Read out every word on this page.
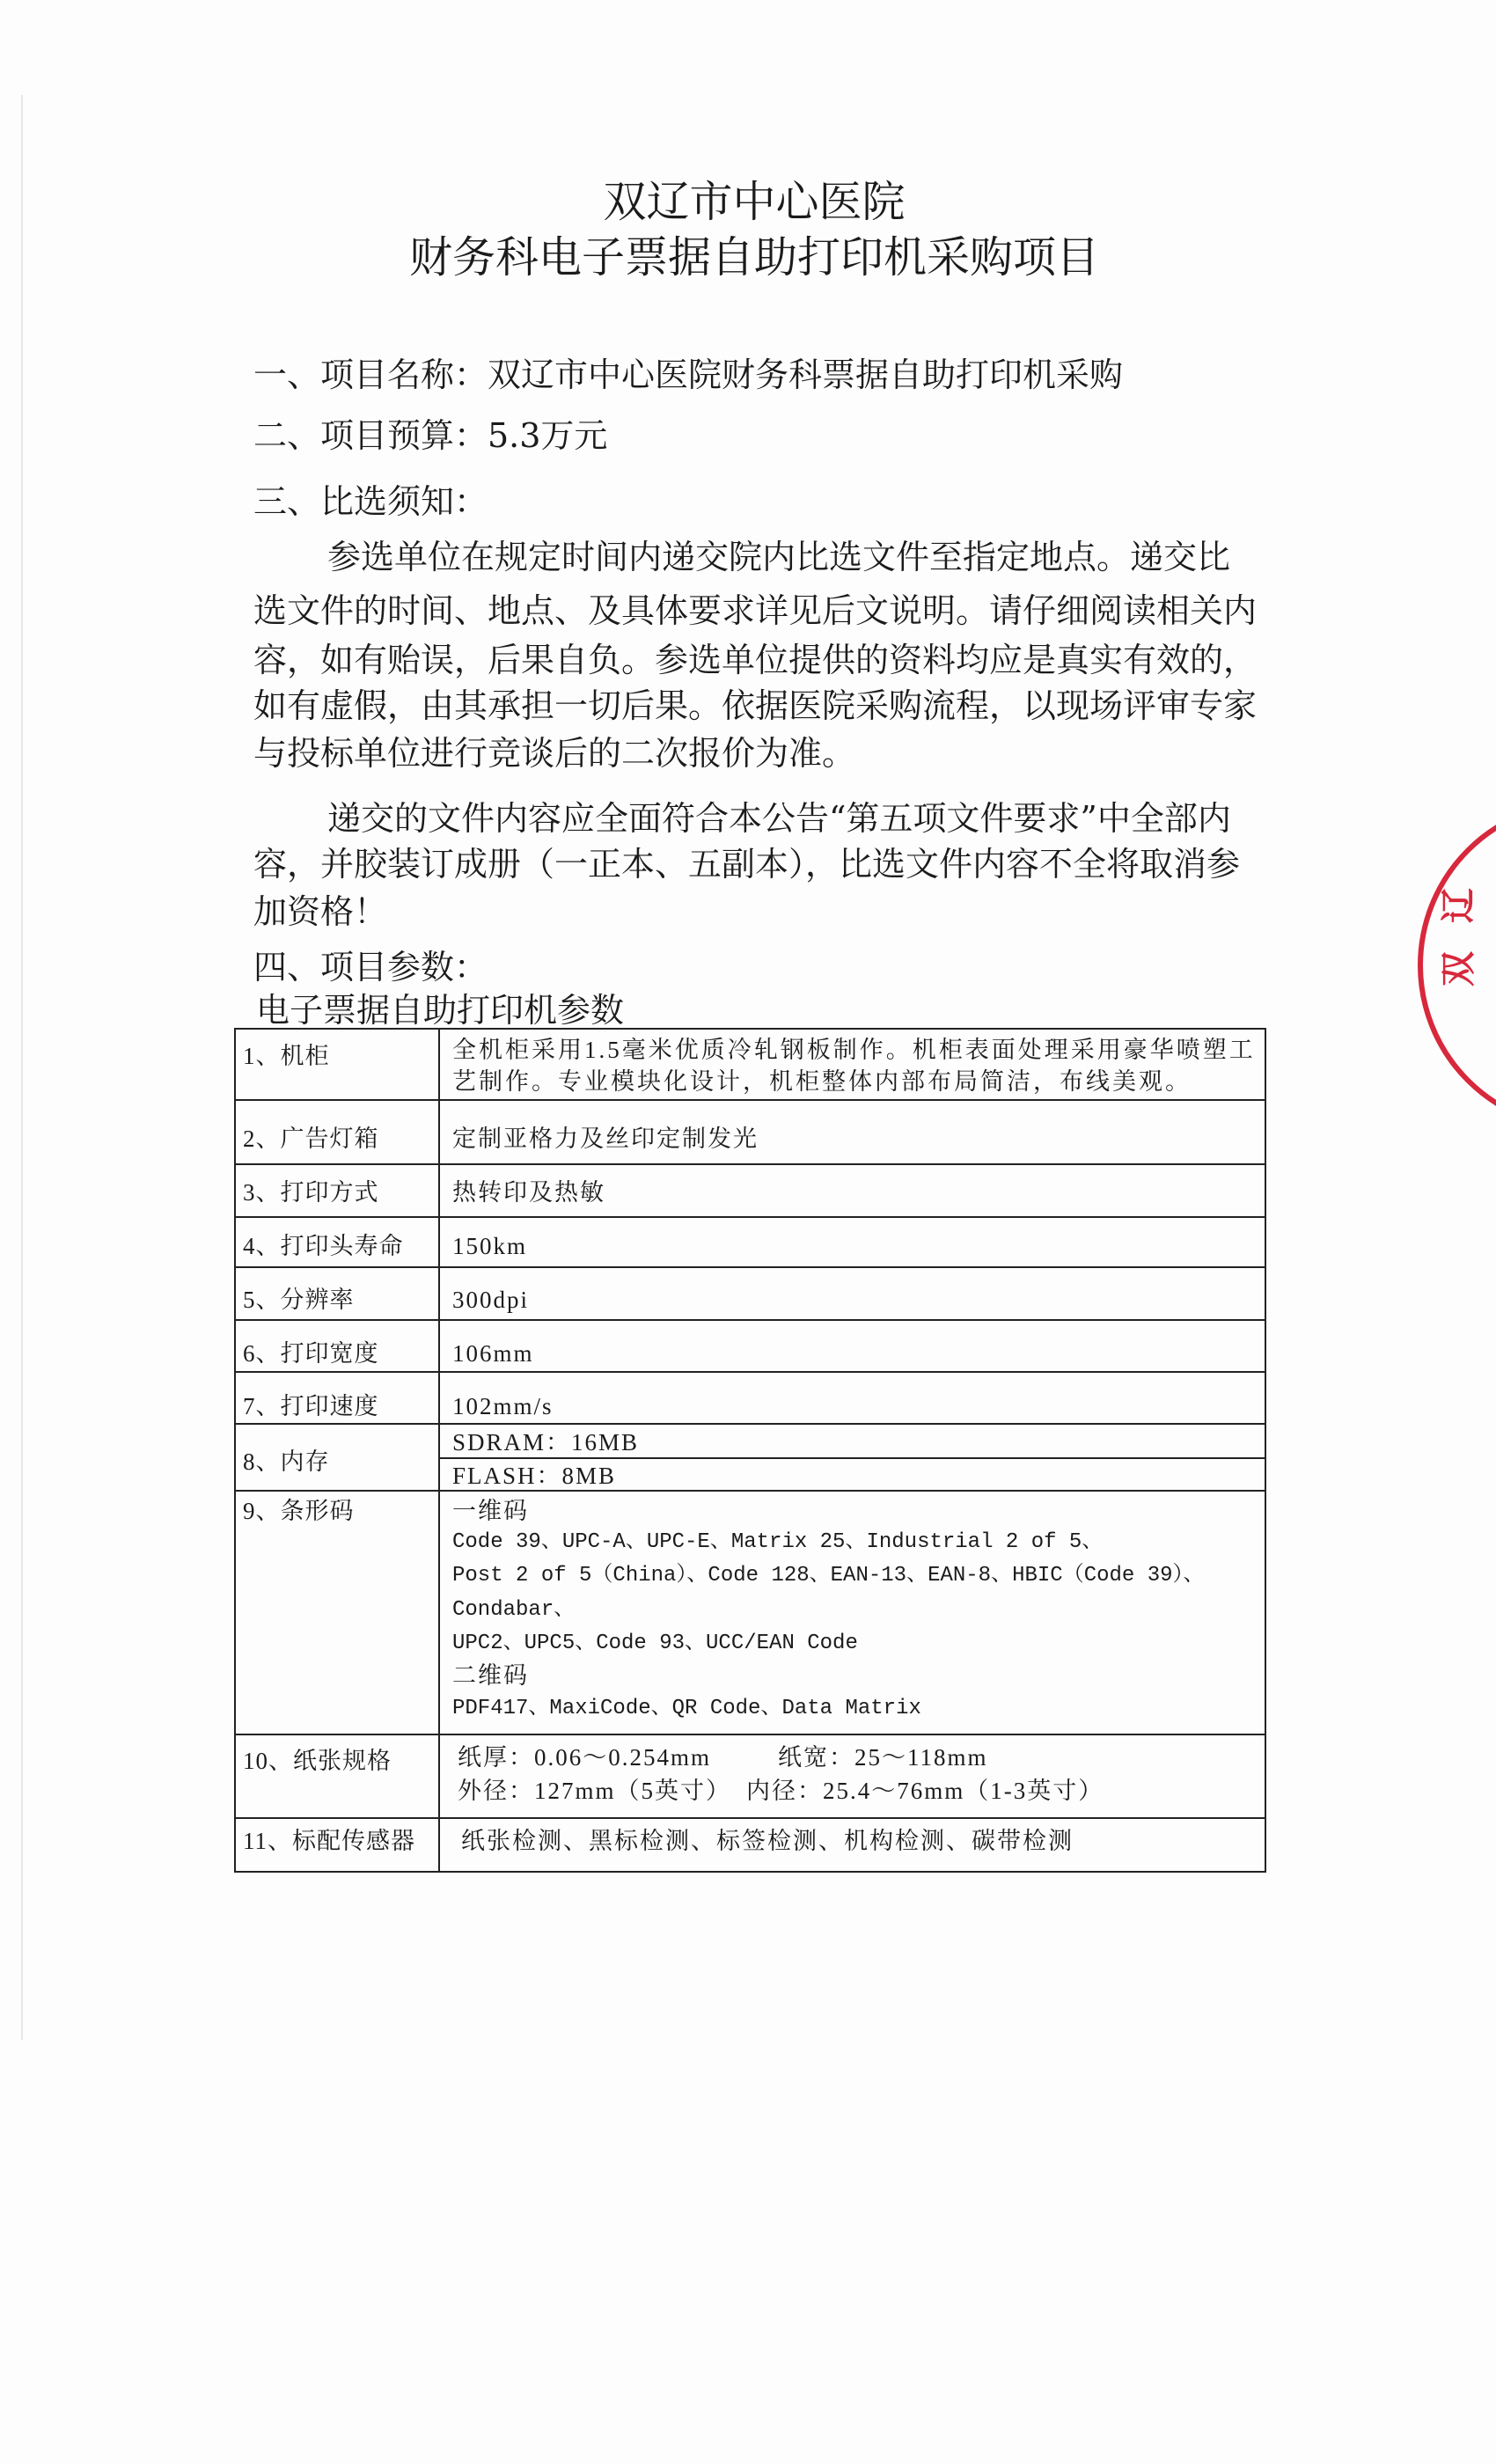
双辽市中心医院
财务科电子票据自助打印机采购项目
一、项目名称：双辽市中心医院财务科票据自助打印机采购
二、项目预算：5.3万元
三、比选须知：
参选单位在规定时间内递交院内比选文件至指定地点。递交比
选文件的时间、地点、及具体要求详见后文说明。请仔细阅读相关内
容，如有贻误，后果自负。参选单位提供的资料均应是真实有效的，
如有虚假，由其承担一切后果。依据医院采购流程，以现场评审专家
与投标单位进行竞谈后的二次报价为准。
递交的文件内容应全面符合本公告“第五项文件要求”中全部内
容，并胶装订成册（一正本、五副本），比选文件内容不全将取消参
加资格！
四、项目参数：
电子票据自助打印机参数
1、机柜	全机柜采用1.5毫米优质冷轧钢板制作。机柜表面处理采用豪华喷塑工
艺制作。专业模块化设计，机柜整体内部布局简洁，布线美观。
2、广告灯箱	定制亚格力及丝印定制发光
3、打印方式	热转印及热敏
4、打印头寿命 150km
5、分辨率	300dpi
6、打印宽度	106mm
7、打印速度	102mm/s
8、内存
SDRAM：16MB
FLASH：8MB
9、条形码	一维码
Code 39、UPC-A、UPC-E、Matrix 25、Industrial 2 of 5、
Post 2 of 5（China）、Code 128、EAN-13、EAN-8、HBIC（Code 39）、
Condabar、
UPC2、UPC5、Code 93、UCC/EAN Code
二维码
PDF417、MaxiCode、QR Code、Data Matrix
10、纸张规格	纸厚：0.06～0.254mm	纸宽：25～118mm
外径：127mm（5英寸） 内径：25.4～76mm（1-3英寸）
11、标配传感器 纸张检测、黑标检测、标签检测、机构检测、碳带检测
双
辽
